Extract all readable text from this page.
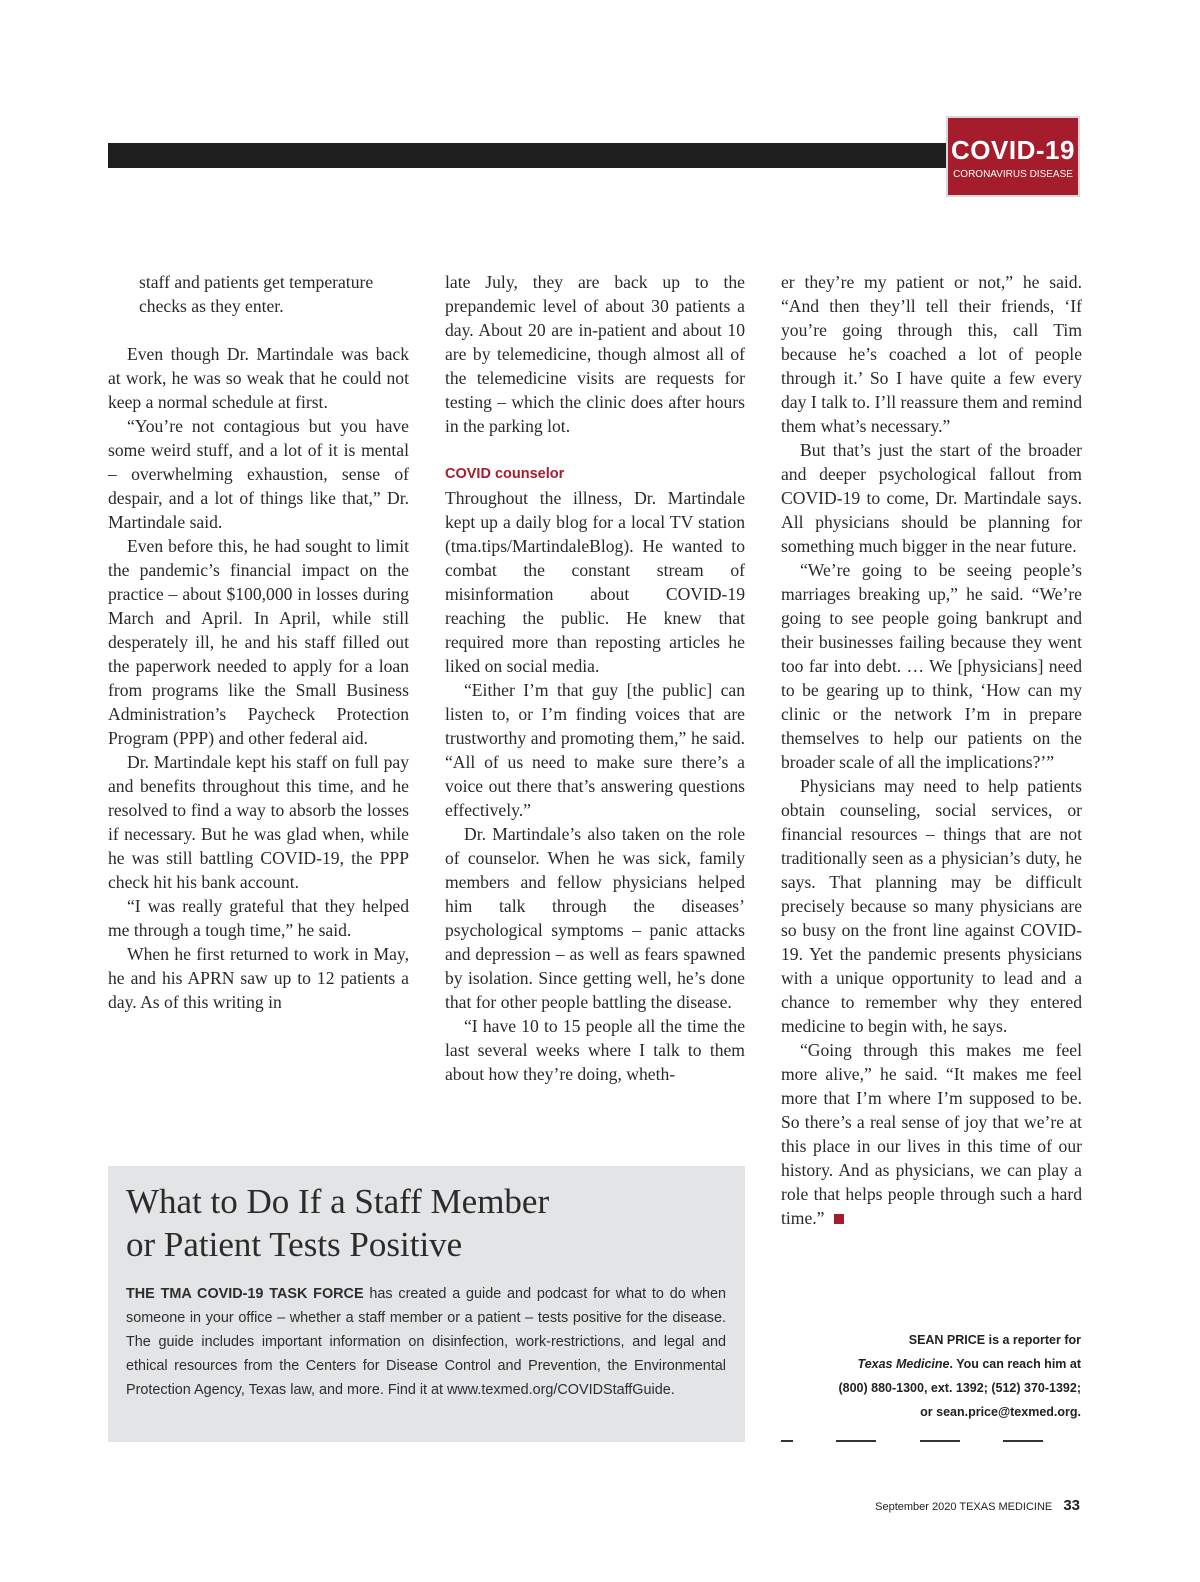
COVID-19
CORONAVIRUS DISEASE

staff and patients get temperature checks as they enter.

Even though Dr. Martindale was back at work, he was so weak that he could not keep a normal schedule at first.

“You’re not contagious but you have some weird stuff, and a lot of it is mental – overwhelming exhaustion, sense of despair, and a lot of things like that,” Dr. Martindale said.

Even before this, he had sought to limit the pandemic’s financial impact on the practice – about $100,000 in losses during March and April. In April, while still desperately ill, he and his staff filled out the paperwork needed to apply for a loan from programs like the Small Business Administration’s Paycheck Protection Program (PPP) and other federal aid.

Dr. Martindale kept his staff on full pay and benefits throughout this time, and he resolved to find a way to absorb the losses if necessary. But he was glad when, while he was still battling COVID-19, the PPP check hit his bank account.

“I was really grateful that they helped me through a tough time,” he said.

When he first returned to work in May, he and his APRN saw up to 12 patients a day. As of this writing in

late July, they are back up to the prepandemic level of about 30 patients a day. About 20 are in-patient and about 10 are by telemedicine, though almost all of the telemedicine visits are requests for testing – which the clinic does after hours in the parking lot.

COVID counselor

Throughout the illness, Dr. Martindale kept up a daily blog for a local TV station (tma.tips/MartindaleBlog). He wanted to combat the constant stream of misinformation about COVID-19 reaching the public. He knew that required more than reposting articles he liked on social media.

“Either I’m that guy [the public] can listen to, or I’m finding voices that are trustworthy and promoting them,” he said. “All of us need to make sure there’s a voice out there that’s answering questions effectively.”

Dr. Martindale’s also taken on the role of counselor. When he was sick, family members and fellow physicians helped him talk through the diseases’ psychological symptoms – panic attacks and depression – as well as fears spawned by isolation. Since getting well, he’s done that for other people battling the disease.

“I have 10 to 15 people all the time the last several weeks where I talk to them about how they’re doing, wheth-

er they’re my patient or not,” he said. “And then they’ll tell their friends, ‘If you’re going through this, call Tim because he’s coached a lot of people through it.’ So I have quite a few every day I talk to. I’ll reassure them and remind them what’s necessary.”

But that’s just the start of the broader and deeper psychological fallout from COVID-19 to come, Dr. Martindale says. All physicians should be planning for something much bigger in the near future.

“We’re going to be seeing people’s marriages breaking up,” he said. “We’re going to see people going bankrupt and their businesses failing because they went too far into debt. … We [physicians] need to be gearing up to think, ‘How can my clinic or the network I’m in prepare themselves to help our patients on the broader scale of all the implications?’”

Physicians may need to help patients obtain counseling, social services, or financial resources – things that are not traditionally seen as a physician’s duty, he says. That planning may be difficult precisely because so many physicians are so busy on the front line against COVID-19. Yet the pandemic presents physicians with a unique opportunity to lead and a chance to remember why they entered medicine to begin with, he says.

“Going through this makes me feel more alive,” he said. “It makes me feel more that I’m where I’m supposed to be. So there’s a real sense of joy that we’re at this place in our lives in this time of our history. And as physicians, we can play a role that helps people through such a hard time.”

What to Do If a Staff Member
or Patient Tests Positive
THE TMA COVID-19 TASK FORCE has created a guide and podcast for what to do when someone in your office – whether a staff member or a patient – tests positive for the disease. The guide includes important information on disinfection, work-restrictions, and legal and ethical resources from the Centers for Disease Control and Prevention, the Environmental Protection Agency, Texas law, and more. Find it at www.texmed.org/COVIDStaffGuide.
SEAN PRICE is a reporter for
Texas Medicine. You can reach him at
(800) 880-1300, ext. 1392; (512) 370-1392;
or sean.price@texmed.org.
September 2020 TEXAS MEDICINE 33
